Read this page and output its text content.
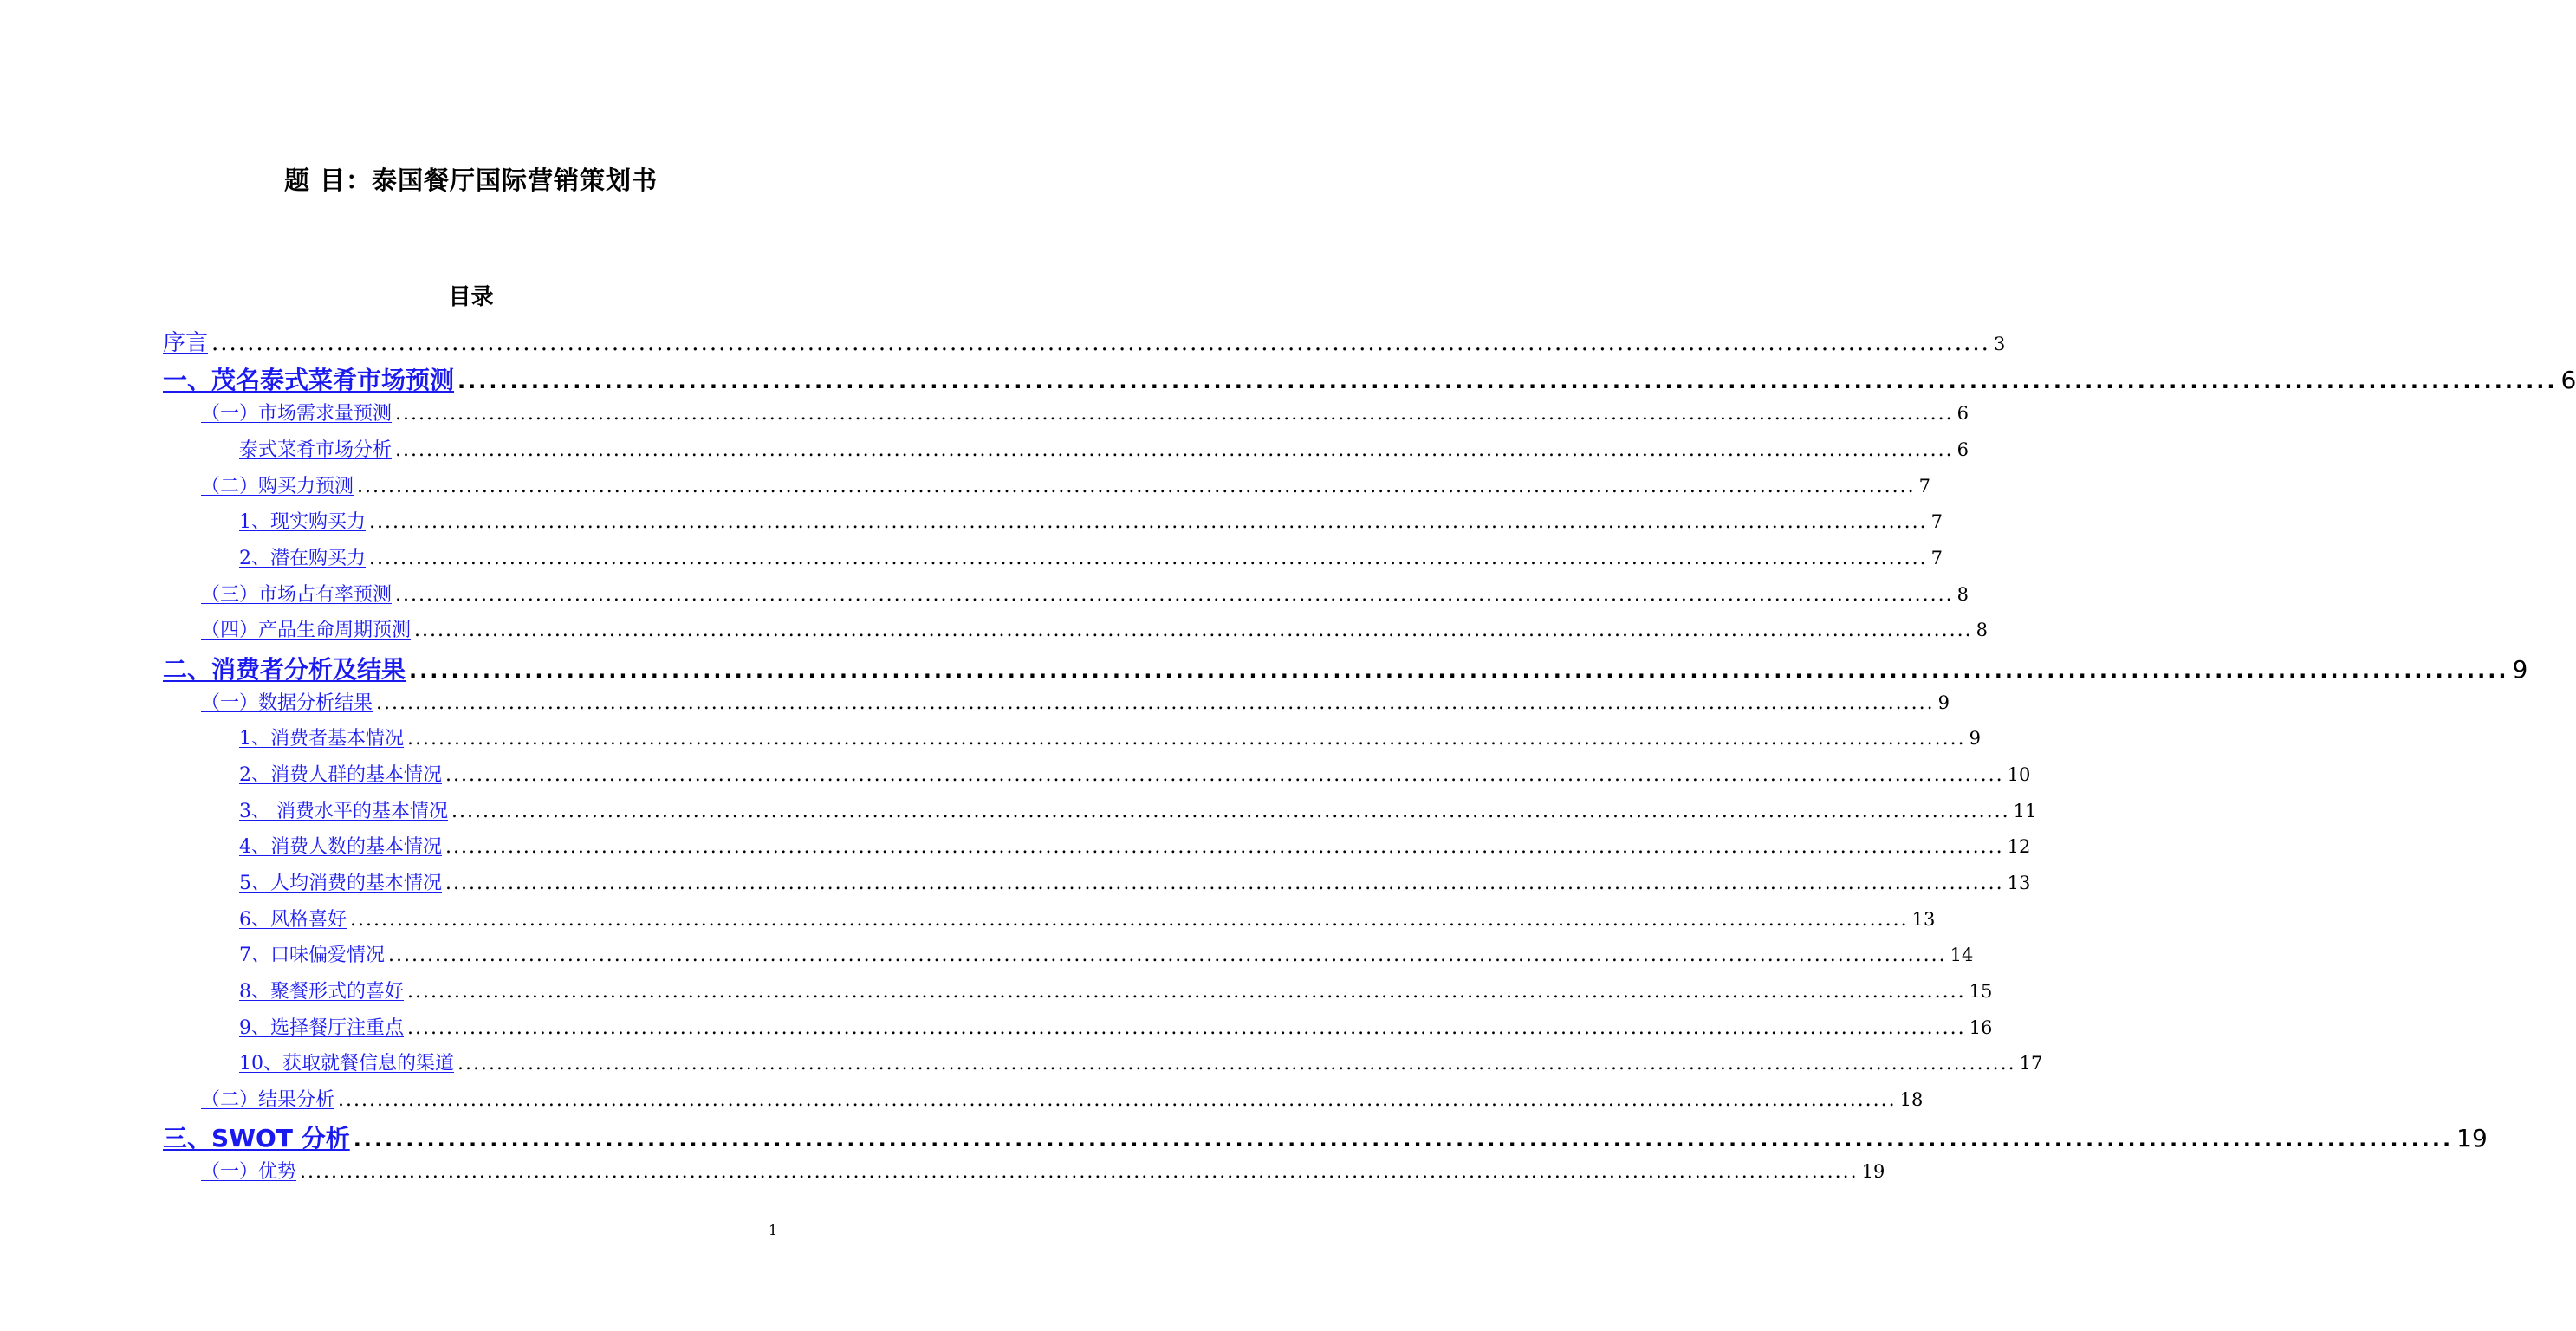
题 目：泰国餐厅国际营销策划书
目录
序言 ........................................................................................................................................................................................................ 3
一、茂名泰式菜肴市场预测 ........................................................................................................................................................................................................ 6
（一）市场需求量预测 ........................................................................................................................................................................................................ 6
泰式菜肴市场分析 ........................................................................................................................................................................................................ 6
（二）购买力预测 ........................................................................................................................................................................................................ 7
1、现实购买力 ........................................................................................................................................................................................................ 7
2、潜在购买力 ........................................................................................................................................................................................................ 7
（三）市场占有率预测 ........................................................................................................................................................................................................ 8
（四）产品生命周期预测 ........................................................................................................................................................................................................ 8
二、消费者分析及结果 ........................................................................................................................................................................................................ 9
（一）数据分析结果 ........................................................................................................................................................................................................ 9
1、消费者基本情况 ........................................................................................................................................................................................................ 9
2、消费人群的基本情况 ........................................................................................................................................................................................................ 10
3、 消费水平的基本情况 ........................................................................................................................................................................................................ 11
4、消费人数的基本情况 ........................................................................................................................................................................................................ 12
5、人均消费的基本情况 ........................................................................................................................................................................................................ 13
6、风格喜好 ........................................................................................................................................................................................................ 13
7、口味偏爱情况 ........................................................................................................................................................................................................ 14
8、聚餐形式的喜好 ........................................................................................................................................................................................................ 15
9、选择餐厅注重点 ........................................................................................................................................................................................................ 16
10、获取就餐信息的渠道 ........................................................................................................................................................................................................ 17
（二）结果分析 ........................................................................................................................................................................................................ 18
三、SWOT 分析 ........................................................................................................................................................................................................ 19
（一）优势 ........................................................................................................................................................................................................ 19
1
